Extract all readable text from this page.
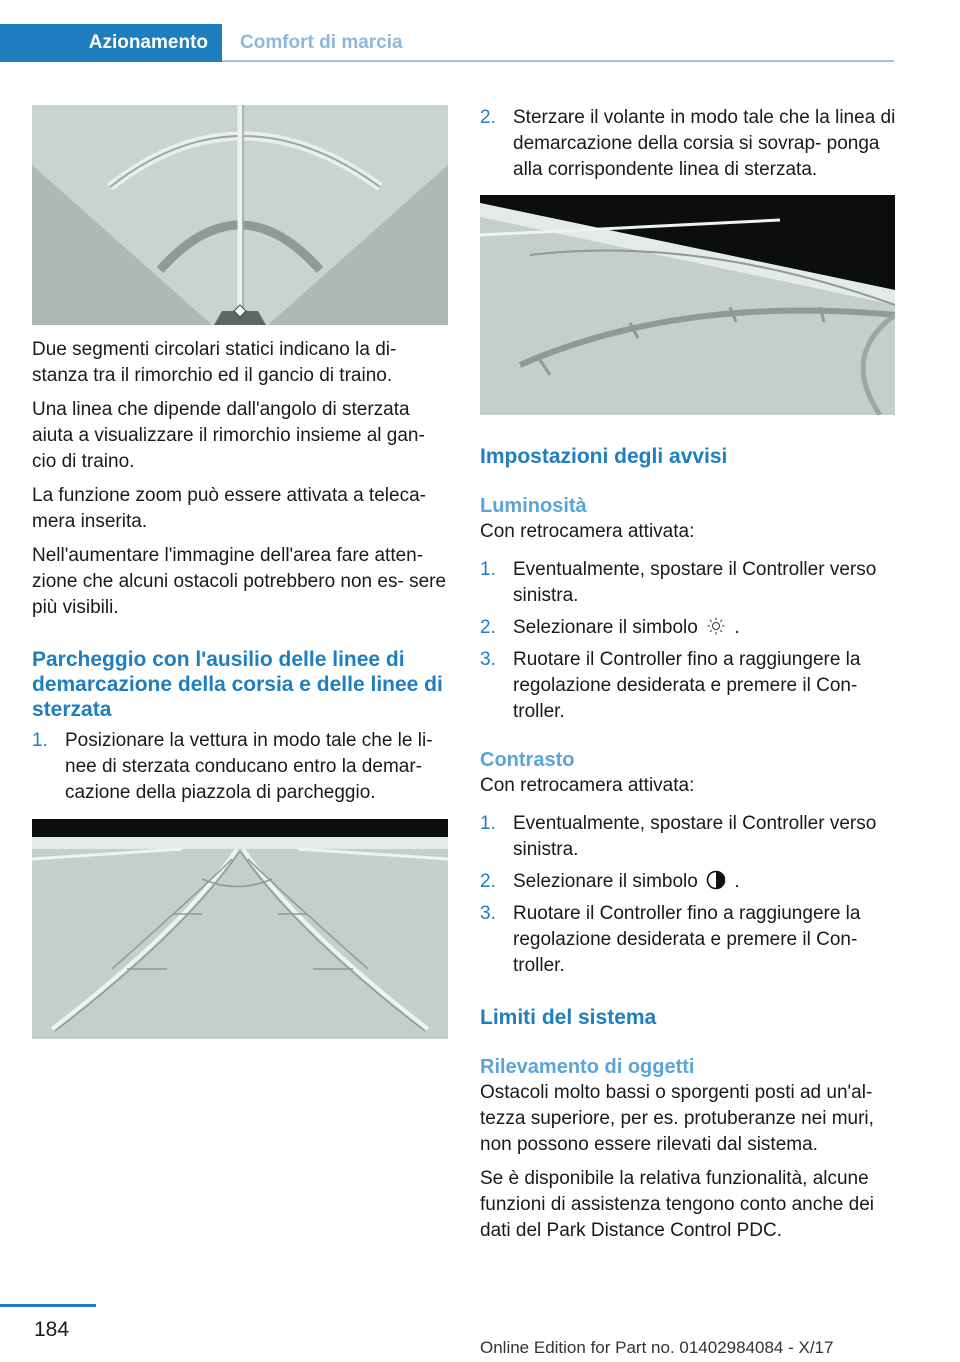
Azionamento	Comfort di marcia

Due segmenti circolari statici indicano la di‐ stanza tra il rimorchio ed il gancio di traino.

Una linea che dipende dall'angolo di sterzata aiuta a visualizzare il rimorchio insieme al gan‐ cio di traino.

La funzione zoom può essere attivata a teleca‐ mera inserita.

Nell'aumentare l'immagine dell'area fare atten‐ zione che alcuni ostacoli potrebbero non es‐ sere più visibili.

Parcheggio con l'ausilio delle linee di demarcazione della corsia e delle linee di sterzata
1. Posizionare la vettura in modo tale che le li‐ nee di sterzata conducano entro la demar‐ cazione della piazzola di parcheggio.
2. Sterzare il volante in modo tale che la linea di demarcazione della corsia si sovrap‐ ponga alla corrispondente linea di sterzata.
Impostazioni degli avvisi
Luminosità

Con retrocamera attivata:

1. Eventualmente, spostare il Controller verso sinistra.
2. Selezionare il simbolo .
3. Ruotare il Controller fino a raggiungere la regolazione desiderata e premere il Con‐ troller.
Contrasto

Con retrocamera attivata:

1. Eventualmente, spostare il Controller verso sinistra.
2. Selezionare il simbolo .
3. Ruotare il Controller fino a raggiungere la regolazione desiderata e premere il Con‐ troller.
Limiti del sistema
Rilevamento di oggetti

Ostacoli molto bassi o sporgenti posti ad un'al‐ tezza superiore, per es. protuberanze nei muri, non possono essere rilevati dal sistema.

Se è disponibile la relativa funzionalità, alcune funzioni di assistenza tengono conto anche dei dati del Park Distance Control PDC.

184
Online Edition for Part no. 01402984084 - X/17
